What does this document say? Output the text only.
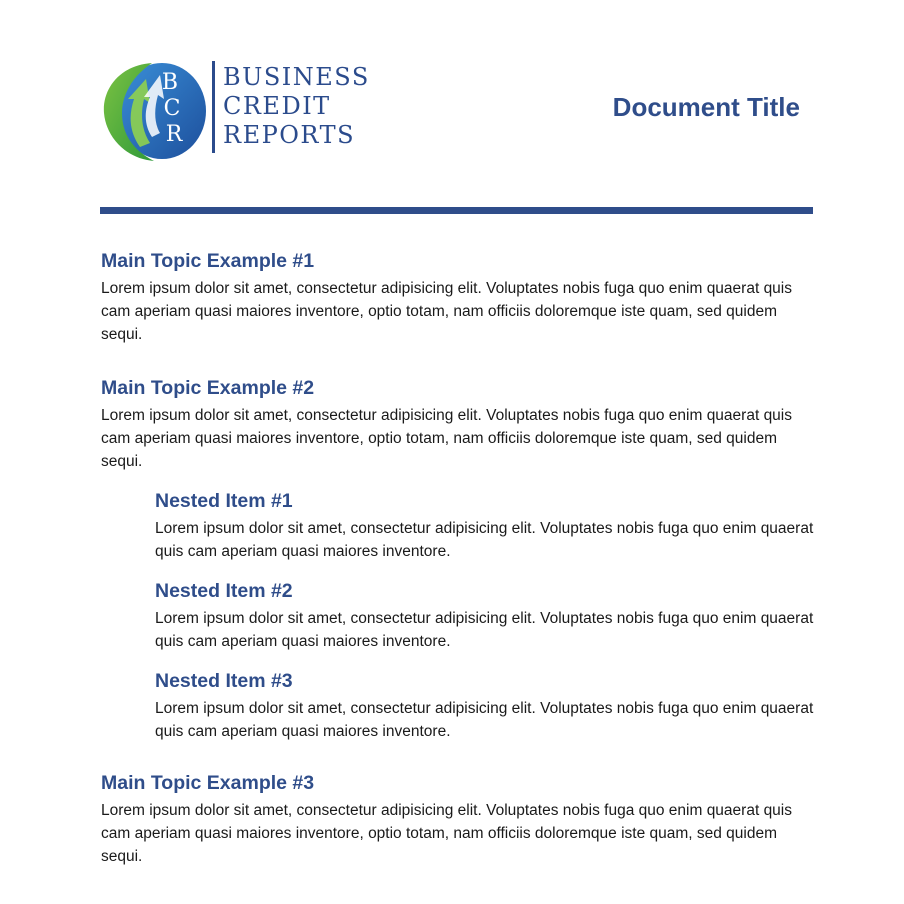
B
C
R
BUSINESS
CREDIT
REPORTS
Document Title
Main Topic Example #1

Lorem ipsum dolor sit amet, consectetur adipisicing elit. Voluptates nobis fuga quo enim quaerat quis cam aperiam quasi maiores inventore, optio totam, nam officiis doloremque iste quam, sed quidem sequi.

Main Topic Example #2

Lorem ipsum dolor sit amet, consectetur adipisicing elit. Voluptates nobis fuga quo enim quaerat quis cam aperiam quasi maiores inventore, optio totam, nam officiis doloremque iste quam, sed quidem sequi.

Nested Item #1

Lorem ipsum dolor sit amet, consectetur adipisicing elit. Voluptates nobis fuga quo enim quaerat quis cam aperiam quasi maiores inventore.

Nested Item #2

Lorem ipsum dolor sit amet, consectetur adipisicing elit. Voluptates nobis fuga quo enim quaerat quis cam aperiam quasi maiores inventore.

Nested Item #3

Lorem ipsum dolor sit amet, consectetur adipisicing elit. Voluptates nobis fuga quo enim quaerat quis cam aperiam quasi maiores inventore.

Main Topic Example #3

Lorem ipsum dolor sit amet, consectetur adipisicing elit. Voluptates nobis fuga quo enim quaerat quis cam aperiam quasi maiores inventore, optio totam, nam officiis doloremque iste quam, sed quidem sequi.
